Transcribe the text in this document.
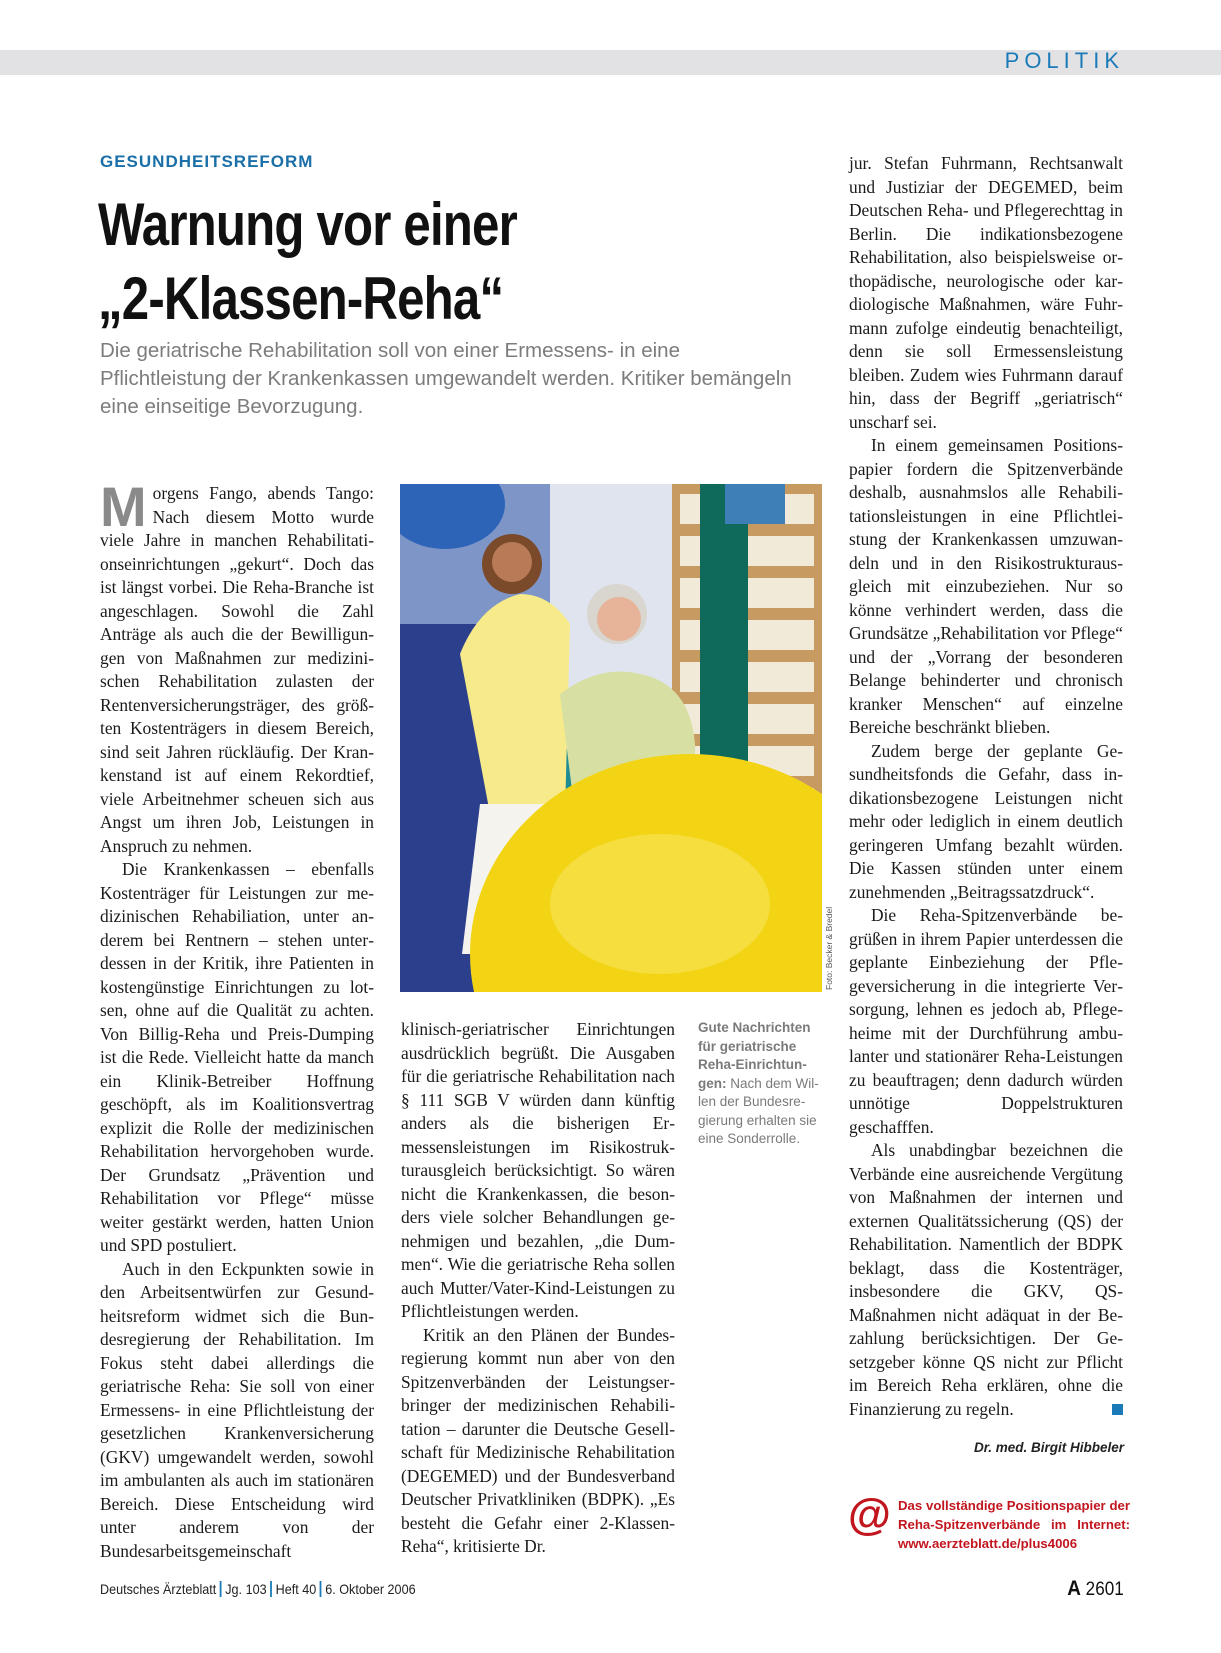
POLITIK
GESUNDHEITSREFORM
Warnung vor einer
„2-Klassen-Reha“
Die geriatrische Rehabilitation soll von einer Ermessens- in eine Pflichtleistung der Krankenkassen umgewandelt werden. Kritiker bemängeln eine einseitige Bevorzugung.

Morgens Fango, abends Tango: Nach diesem Motto wurde viele Jahre in manchen Rehabilitationseinrichtungen „gekurt“. Doch das ist längst vorbei. Die Reha-Branche ist angeschlagen. Sowohl die Zahl Anträge als auch die der Bewilligungen von Maßnahmen zur medizinischen Rehabilitation zulasten der Rentenversicherungsträger, des größten Kostenträgers in diesem Bereich, sind seit Jahren rückläufig. Der Krankenstand ist auf einem Rekordtief, viele Arbeitnehmer scheuen sich aus Angst um ihren Job, Leistungen in Anspruch zu nehmen.

Die Krankenkassen – ebenfalls Kostenträger für Leistungen zur medizinischen Rehabiliation, unter anderem bei Rentnern – stehen unterdessen in der Kritik, ihre Patienten in kostengünstige Einrichtungen zu lotsen, ohne auf die Qualität zu achten. Von Billig-Reha und Preis-Dumping ist die Rede. Vielleicht hatte da manch ein Klinik-Betreiber Hoffnung geschöpft, als im Koalitionsvertrag explizit die Rolle der medizinischen Rehabilitation hervorgehoben wurde. Der Grundsatz „Prävention und Rehabilitation vor Pflege“ müsse weiter gestärkt werden, hatten Union und SPD postuliert.

Auch in den Eckpunkten sowie in den Arbeitsentwürfen zur Gesundheitsreform widmet sich die Bundesregierung der Rehabilitation. Im Fokus steht dabei allerdings die geriatrische Reha: Sie soll von einer Ermessens- in eine Pflichtleistung der gesetzlichen Krankenversicherung (GKV) umgewandelt werden, sowohl im ambulanten als auch im stationären Bereich. Diese Entscheidung wird unter anderem von der Bundesarbeitsgemeinschaft

Foto: Becker & Bredel

klinisch-geriatrischer Einrichtungen ausdrücklich begrüßt. Die Ausgaben für die geriatrische Rehabilitation nach § 111 SGB V würden dann künftig anders als die bisherigen Ermessensleistungen im Risikostrukturausgleich berücksichtigt. So wären nicht die Krankenkassen, die besonders viele solcher Behandlungen genehmigen und bezahlen, „die Dummen“. Wie die geriatrische Reha sollen auch Mutter/Vater-Kind-Leistungen zu Pflichtleistungen werden.

Kritik an den Plänen der Bundesregierung kommt nun aber von den Spitzenverbänden der Leistungserbringer der medizinischen Rehabilitation – darunter die Deutsche Gesellschaft für Medizinische Rehabilitation (DEGEMED) und der Bundesverband Deutscher Privatkliniken (BDPK). „Es besteht die Gefahr einer 2-Klassen-Reha“, kritisierte Dr.

Gute Nachrichten für geriatrische Reha-Einrichtungen: Nach dem Willen der Bundesregierung erhalten sie eine Sonderrolle.

jur. Stefan Fuhrmann, Rechtsanwalt und Justiziar der DEGEMED, beim Deutschen Reha- und Pflegerechttag in Berlin. Die indikationsbezogene Rehabilitation, also beispielsweise orthopädische, neurologische oder kardiologische Maßnahmen, wäre Fuhrmann zufolge eindeutig benachteiligt, denn sie soll Ermessensleistung bleiben. Zudem wies Fuhrmann darauf hin, dass der Begriff „geriatrisch“ unscharf sei.

In einem gemeinsamen Positionspapier fordern die Spitzenverbände deshalb, ausnahmslos alle Rehabilitationsleistungen in eine Pflichtleistung der Krankenkassen umzuwandeln und in den Risikostrukturausgleich mit einzubeziehen. Nur so könne verhindert werden, dass die Grundsätze „Rehabilitation vor Pflege“ und der „Vorrang der besonderen Belange behinderter und chronisch kranker Menschen“ auf einzelne Bereiche beschränkt blieben.

Zudem berge der geplante Gesundheitsfonds die Gefahr, dass indikationsbezogene Leistungen nicht mehr oder lediglich in einem deutlich geringeren Umfang bezahlt würden. Die Kassen stünden unter einem zunehmenden „Beitragssatzdruck“.

Die Reha-Spitzenverbände begrüßen in ihrem Papier unterdessen die geplante Einbeziehung der Pflegeversicherung in die integrierte Versorgung, lehnen es jedoch ab, Pflegeheime mit der Durchführung ambulanter und stationärer Reha-Leistungen zu beauftragen; denn dadurch würden unnötige Doppelstrukturen geschafffen.

Als unabdingbar bezeichnen die Verbände eine ausreichende Vergütung von Maßnahmen der internen und externen Qualitätssicherung (QS) der Rehabilitation. Namentlich der BDPK beklagt, dass die Kostenträger, insbesondere die GKV, QS-Maßnahmen nicht adäquat in der Bezahlung berücksichtigen. Der Gesetzgeber könne QS nicht zur Pflicht im Bereich Reha erklären, ohne die Finanzierung zu regeln.

Dr. med. Birgit Hibbeler
@ Das vollständige Positionspapier der Reha-Spitzenverbände im Internet: www.aerzteblatt.de/plus4006
Deutsches Ärzteblatt Jg. 103 Heft 40 6. Oktober 2006	A 2601
